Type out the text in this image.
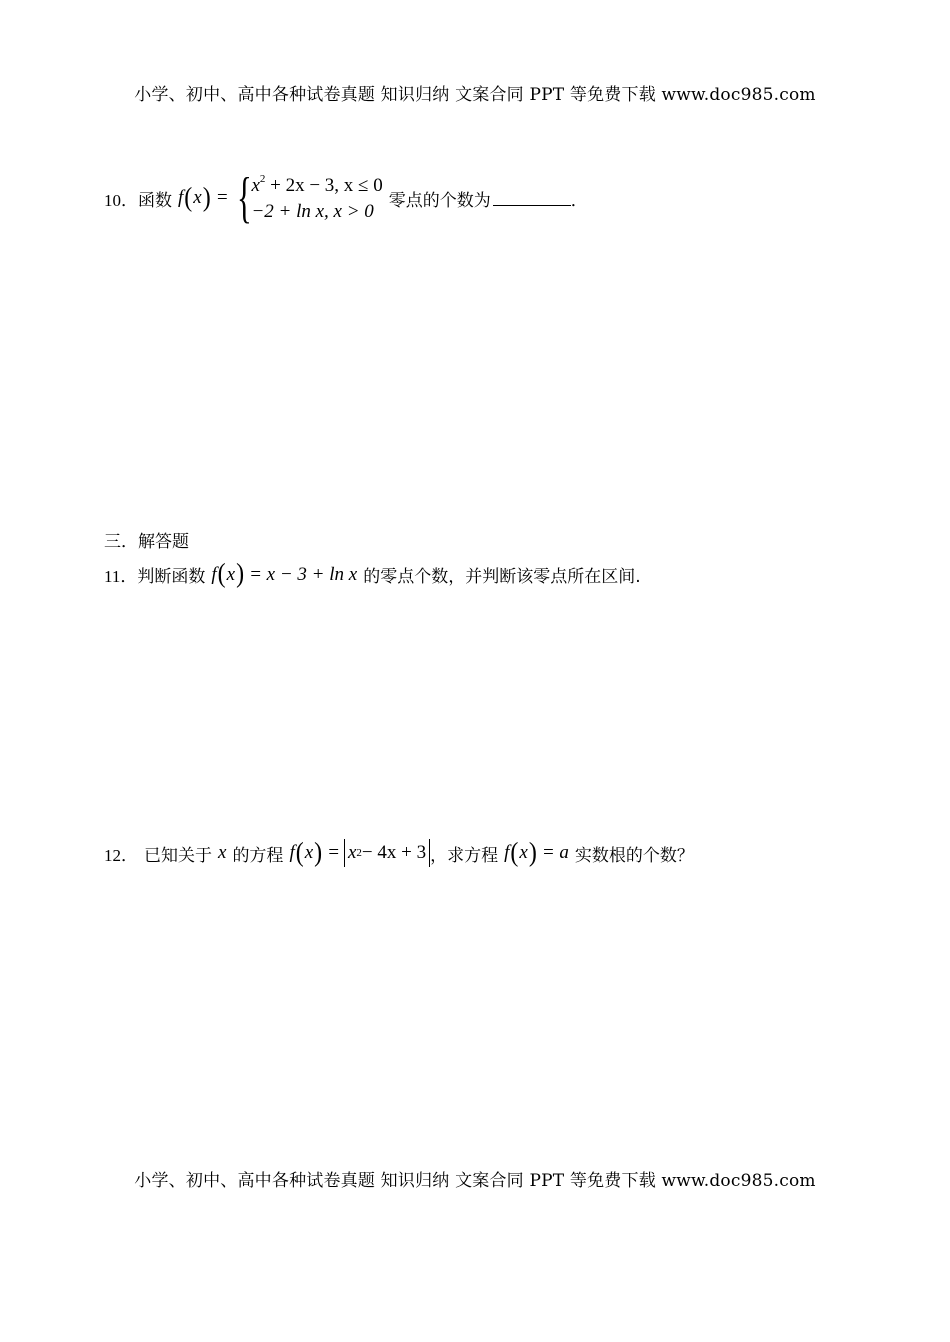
小学、初中、高中各种试卷真题 知识归纳 文案合同 PPT 等免费下载 www.doc985.com
10． 函数 f ( x ) = { $x^2 + 2x - 3$, x ≤ 0
−2 + ln x, x > 0
零点的个数为	．
三．解答题
11． 判断函数 f ( x ) = x − 3 + ln x 的零点个数，并判断该零点所在区间.
12． 已知关于 x 的方程 f ( x ) = x 2 − 4x + 3 ，求方程 f ( x ) = a 实数根的个数？
小学、初中、高中各种试卷真题 知识归纳 文案合同 PPT 等免费下载 www.doc985.com
